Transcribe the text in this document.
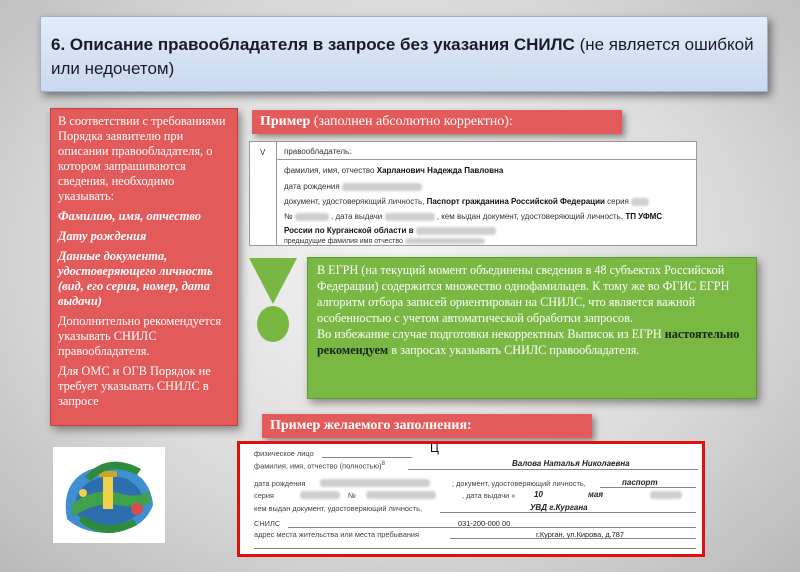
6. Описание правообладателя в запросе без указания СНИЛС (не является ошибкой или недочетом)

В соответствии с требованиями Порядка заявителю при описании правообладателя, о котором запрашиваются сведения, необходимо указывать:

Фамилию, имя, отчество

Дату рождения

Данные документа, удостоверяющего личность (вид, его серия, номер, дата выдачи)

Дополнительно рекомендуется указывать СНИЛС правообладателя.

Для ОМС и ОГВ Порядок не требует указывать СНИЛС в запросе

Пример (заполнен абсолютно корректно):
V правообладатель:
фамилия, имя, отчество Харланович Надежда Павловна
дата рождения
документ, удостоверяющий личность, Паспорт гражданина Российской Федерации серия
№	, дата выдачи	, кем выдан документ, удостоверяющий личность, ТП УФМС
России по Курганской области в
предыдущие фамилия имя отчество

В ЕГРН (на текущий момент объединены сведения в 48 субъектах Российской Федерации) содержится множество однофамильцев. К тому же во ФГИС ЕГРН алгоритм отбора записей ориентирован на СНИЛС, что является важной особенностью с учетом автоматической обработки запросов.

Во избежание случае подготовки некорректных Выписок из ЕГРН настоятельно рекомендуем в запросах указывать СНИЛС правообладателя.

Пример желаемого заполнения:
Ц
физическое лицо
фамилия, имя, отчество (полностью)$^8$	Валова Наталья Николаевна
дата рождения	; документ, удостоверяющий личность,	паспорт
серия	№	, дата выдачи « 10	мая
кем выдан документ, удостоверяющий личность,	УВД г.Кургана
СНИЛС	031-200-000 00
адрес места жительства или места пребывания	г.Курган, ул.Кирова, д.787
